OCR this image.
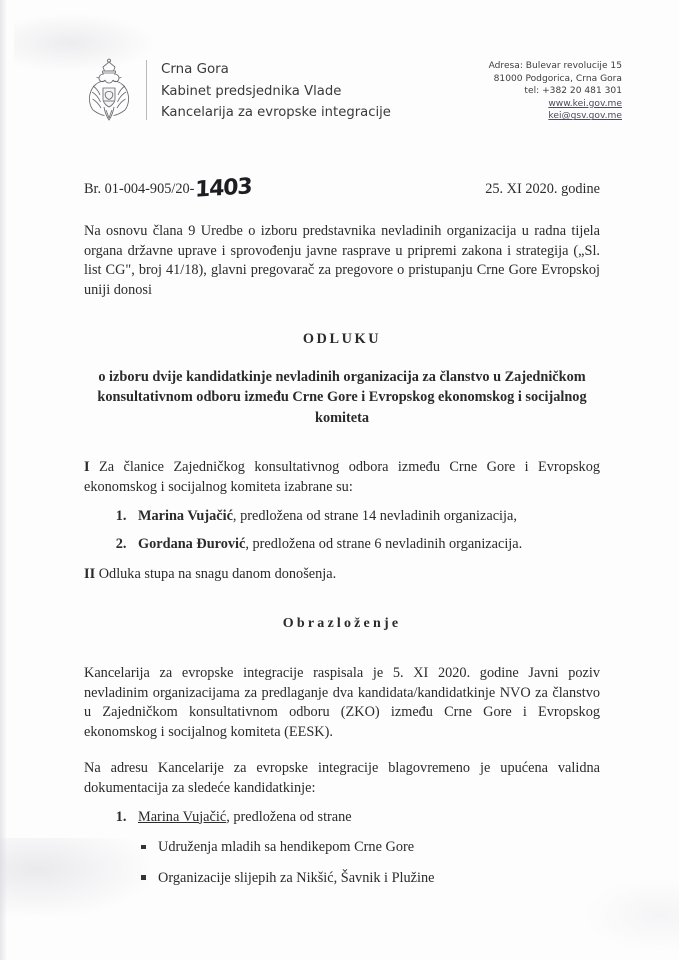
Crna Gora
Kabinet predsjednika Vlade
Kancelarija za evropske integracije
Adresa: Bulevar revolucije 15
81000 Podgorica, Crna Gora
tel: +382 20 481 301
www.kei.gov.me
kei@gsv.gov.me
Br. 01-004-905/20-1403	25. XI 2020. godine

Na osnovu člana 9 Uredbe o izboru predstavnika nevladinih organizacija u radna tijela organa državne uprave i sprovođenju javne rasprave u pripremi zakona i strategija („Sl. list CG", broj 41/18), glavni pregovarač za pregovore o pristupanju Crne Gore Evropskoj uniji donosi

ODLUKU

o izboru dvije kandidatkinje nevladinih organizacija za članstvo u Zajedničkom konsultativnom odboru između Crne Gore i Evropskog ekonomskog i socijalnog komiteta

I Za članice Zajedničkog konsultativnog odbora između Crne Gore i Evropskog ekonomskog i socijalnog komiteta izabrane su:

1. Marina Vujačić, predložena od strane 14 nevladinih organizacija,
2. Gordana Đurović, predložena od strane 6 nevladinih organizacija.

II Odluka stupa na snagu danom donošenja.

Obrazloženje

Kancelarija za evropske integracije raspisala je 5. XI 2020. godine Javni poziv nevladinim organizacijama za predlaganje dva kandidata/kandidatkinje NVO za članstvo u Zajedničkom konsultativnom odboru (ZKO) između Crne Gore i Evropskog ekonomskog i socijalnog komiteta (EESK).

Na adresu Kancelarije za evropske integracije blagovremeno je upućena validna dokumentacija za sledeće kandidatkinje:

1. Marina Vujačić, predložena od strane
Udruženja mladih sa hendikepom Crne Gore
Organizacije slijepih za Nikšić, Šavnik i Plužine
